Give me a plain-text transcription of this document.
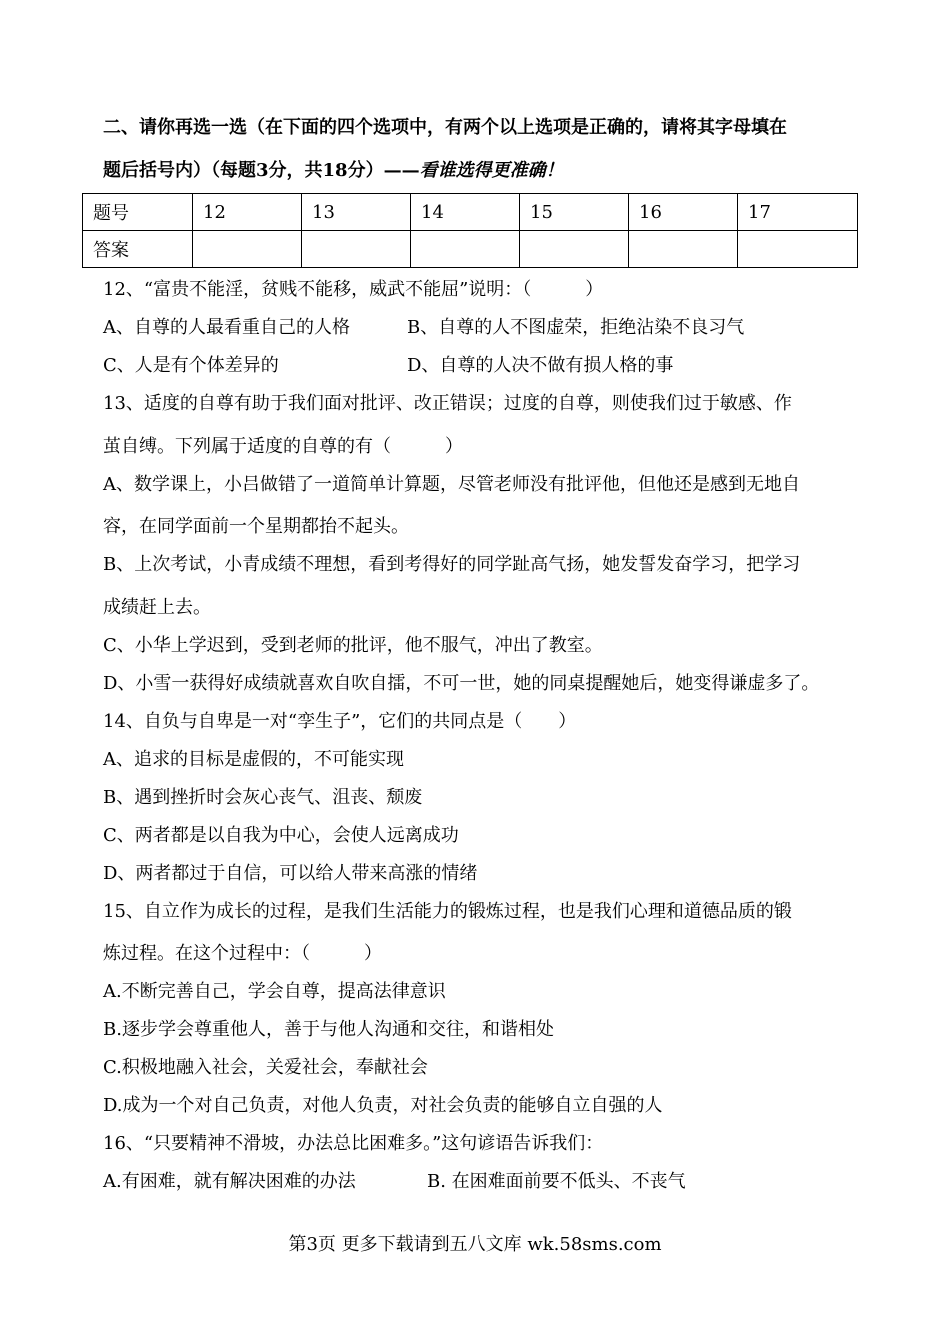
二、请你再选一选（在下面的四个选项中，有两个以上选项是正确的，请将其字母填在
题后括号内）（每题3分，共18分）——看谁选得更准确！
题号	12	13	14	15	16	17
答案						
12、“富贵不能淫，贫贱不能移，威武不能屈”说明：（　　　）
A、自尊的人最看重自己的人格	B、自尊的人不图虚荣，拒绝沾染不良习气
C、人是有个体差异的	D、自尊的人决不做有损人格的事
13、适度的自尊有助于我们面对批评、改正错误；过度的自尊，则使我们过于敏感、作
茧自缚。下列属于适度的自尊的有（　　　）
A、数学课上，小吕做错了一道简单计算题，尽管老师没有批评他，但他还是感到无地自
容，在同学面前一个星期都抬不起头。
B、上次考试，小青成绩不理想，看到考得好的同学趾高气扬，她发誓发奋学习，把学习
成绩赶上去。
C、小华上学迟到，受到老师的批评，他不服气，冲出了教室。
D、小雪一获得好成绩就喜欢自吹自擂，不可一世，她的同桌提醒她后，她变得谦虚多了。
14、自负与自卑是一对“孪生子”，它们的共同点是（　　）
A、追求的目标是虚假的，不可能实现
B、遇到挫折时会灰心丧气、沮丧、颓废
C、两者都是以自我为中心，会使人远离成功
D、两者都过于自信，可以给人带来高涨的情绪
15、自立作为成长的过程，是我们生活能力的锻炼过程，也是我们心理和道德品质的锻
炼过程。在这个过程中：（　　　）
A.不断完善自己，学会自尊，提高法律意识
B.逐步学会尊重他人，善于与他人沟通和交往，和谐相处
C.积极地融入社会，关爱社会，奉献社会
D.成为一个对自己负责，对他人负责，对社会负责的能够自立自强的人
16、“只要精神不滑坡，办法总比困难多。”这句谚语告诉我们：
A.有困难，就有解决困难的办法	B. 在困难面前要不低头、不丧气
第3页 更多下载请到五八文库 wk.58sms.com
